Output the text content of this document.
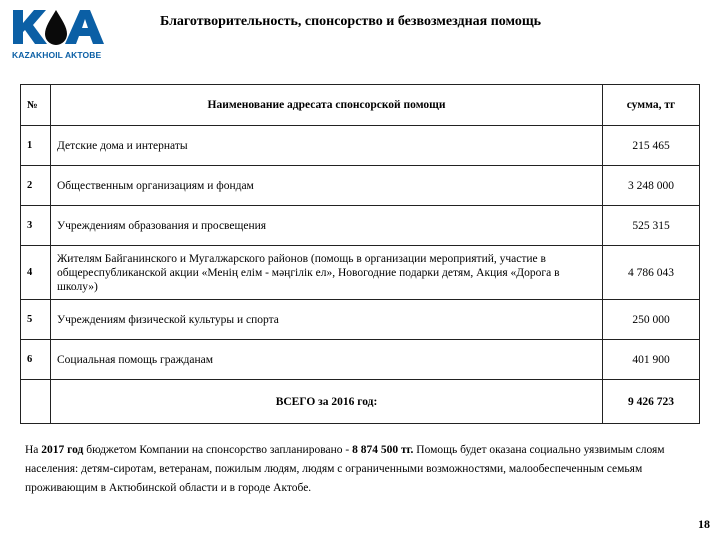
KAZAKHOIL AKTOBE
Благотворительность, спонсорство и безвозмездная помощь
№	Наименование адресата спонсорской помощи	сумма, тг
1	Детские дома и интернаты	215 465
2	Общественным организациям и фондам	3 248 000
3	Учреждениям образования и просвещения	525 315
4	Жителям Байганинского и Мугалжарского районов (помощь в организации мероприятий, участие в общереспубликанской акции «Менің елім - мәңгілік ел», Новогодние подарки детям, Акция «Дорога в школу»)	4 786 043
5	Учреждениям физической культуры и спорта	250 000
6	Социальная помощь гражданам	401 900
	ВСЕГО за 2016 год:	9 426 723
На 2017 год бюджетом Компании на спонсорство запланировано - 8 874 500 тг. Помощь будет оказана социально уязвимым слоям населения: детям-сиротам, ветеранам, пожилым людям, людям с ограниченными возможностями, малообеспеченным семьям проживающим в Актюбинской области и в городе Актобе.
18
